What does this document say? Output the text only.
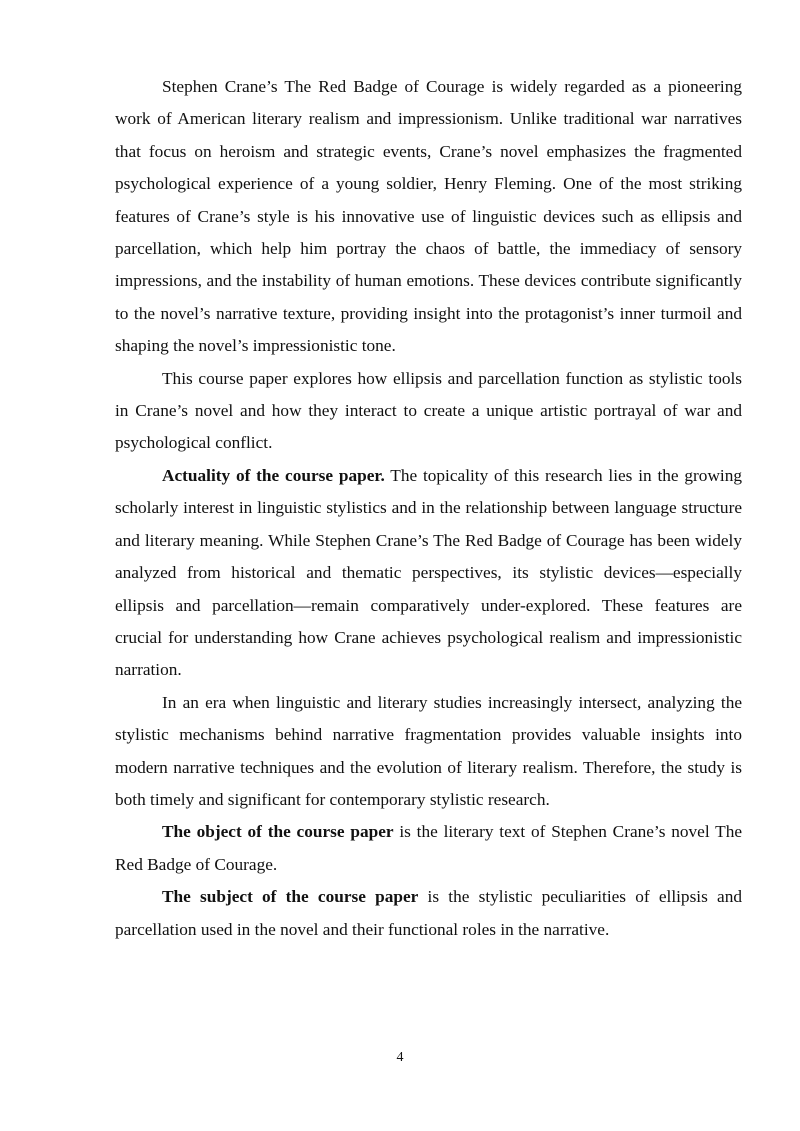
Stephen Crane’s The Red Badge of Courage is widely regarded as a pioneering work of American literary realism and impressionism. Unlike traditional war narratives that focus on heroism and strategic events, Crane’s novel emphasizes the fragmented psychological experience of a young soldier, Henry Fleming. One of the most striking features of Crane’s style is his innovative use of linguistic devices such as ellipsis and parcellation, which help him portray the chaos of battle, the immediacy of sensory impressions, and the instability of human emotions. These devices contribute significantly to the novel’s narrative texture, providing insight into the protagonist’s inner turmoil and shaping the novel’s impressionistic tone.

This course paper explores how ellipsis and parcellation function as stylistic tools in Crane’s novel and how they interact to create a unique artistic portrayal of war and psychological conflict.

Actuality of the course paper. The topicality of this research lies in the growing scholarly interest in linguistic stylistics and in the relationship between language structure and literary meaning. While Stephen Crane’s The Red Badge of Courage has been widely analyzed from historical and thematic perspectives, its stylistic devices—especially ellipsis and parcellation—remain comparatively under-explored. These features are crucial for understanding how Crane achieves psychological realism and impressionistic narration.

In an era when linguistic and literary studies increasingly intersect, analyzing the stylistic mechanisms behind narrative fragmentation provides valuable insights into modern narrative techniques and the evolution of literary realism. Therefore, the study is both timely and significant for contemporary stylistic research.

The object of the course paper is the literary text of Stephen Crane’s novel The Red Badge of Courage.

The subject of the course paper is the stylistic peculiarities of ellipsis and parcellation used in the novel and their functional roles in the narrative.

4
